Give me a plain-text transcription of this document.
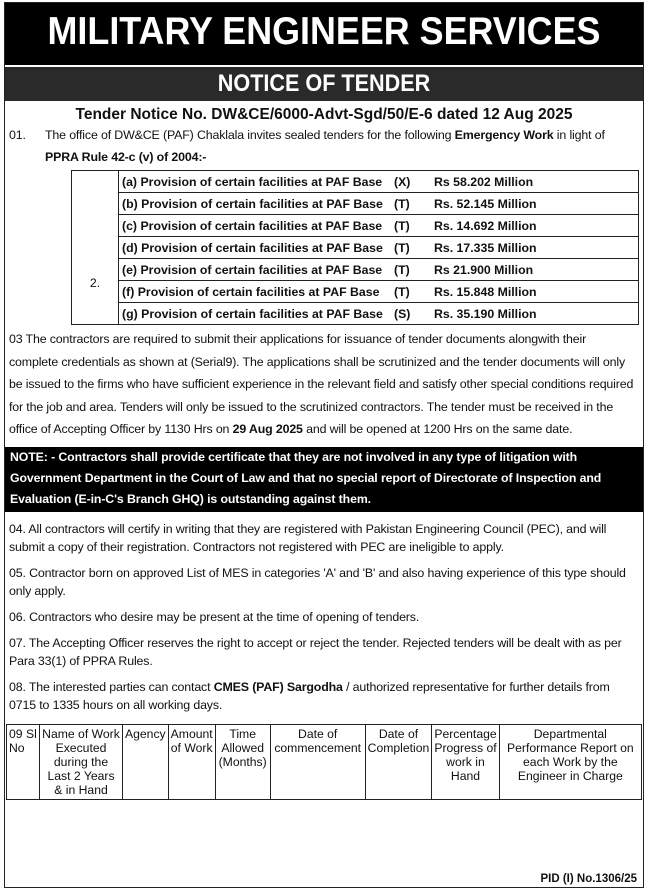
MILITARY ENGINEER SERVICES
NOTICE OF TENDER
Tender Notice No. DW&CE/6000-Advt-Sgd/50/E-6 dated 12 Aug 2025
01.	The office of DW&CE (PAF) Chaklala invites sealed tenders for the following Emergency Work in light of PPRA Rule 42-c (v) of 2004:-
2.	(a) Provision of certain facilities at PAF Base (X) Rs 58.202 Million
(b) Provision of certain facilities at PAF Base (T) Rs. 52.145 Million
(c) Provision of certain facilities at PAF Base (T) Rs. 14.692 Million
(d) Provision of certain facilities at PAF Base (T) Rs. 17.335 Million
(e) Provision of certain facilities at PAF Base (T) Rs 21.900 Million
(f) Provision of certain facilities at PAF Base (T) Rs. 15.848 Million
(g) Provision of certain facilities at PAF Base (S) Rs. 35.190 Million
03 The contractors are required to submit their applications for issuance of tender documents alongwith their complete credentials as shown at (Serial9). The applications shall be scrutinized and the tender documents will only be issued to the firms who have sufficient experience in the relevant field and satisfy other special conditions required for the job and area. Tenders will only be issued to the scrutinized contractors. The tender must be received in the office of Accepting Officer by 1130 Hrs on 29 Aug 2025 and will be opened at 1200 Hrs on the same date.
NOTE: - Contractors shall provide certificate that they are not involved in any type of litigation with Government Department in the Court of Law and that no special report of Directorate of Inspection and Evaluation (E-in-C's Branch GHQ) is outstanding against them.
04. All contractors will certify in writing that they are registered with Pakistan Engineering Council (PEC), and will submit a copy of their registration. Contractors not registered with PEC are ineligible to apply.
05. Contractor born on approved List of MES in categories 'A' and 'B' and also having experience of this type should only apply.
06. Contractors who desire may be present at the time of opening of tenders.
07. The Accepting Officer reserves the right to accept or reject the tender. Rejected tenders will be dealt with as per Para 33(1) of PPRA Rules.
08. The interested parties can contact CMES (PAF) Sargodha / authorized representative for further details from 0715 to 1335 hours on all working days.
09 Sl No	Name of Work Executed during the Last 2 Years & in Hand	Agency	Amount of Work	Time Allowed (Months)	Date of commencement	Date of Completion	Percentage Progress of work in Hand	Departmental Performance Report on each Work by the Engineer in Charge
PID (I) No.1306/25
